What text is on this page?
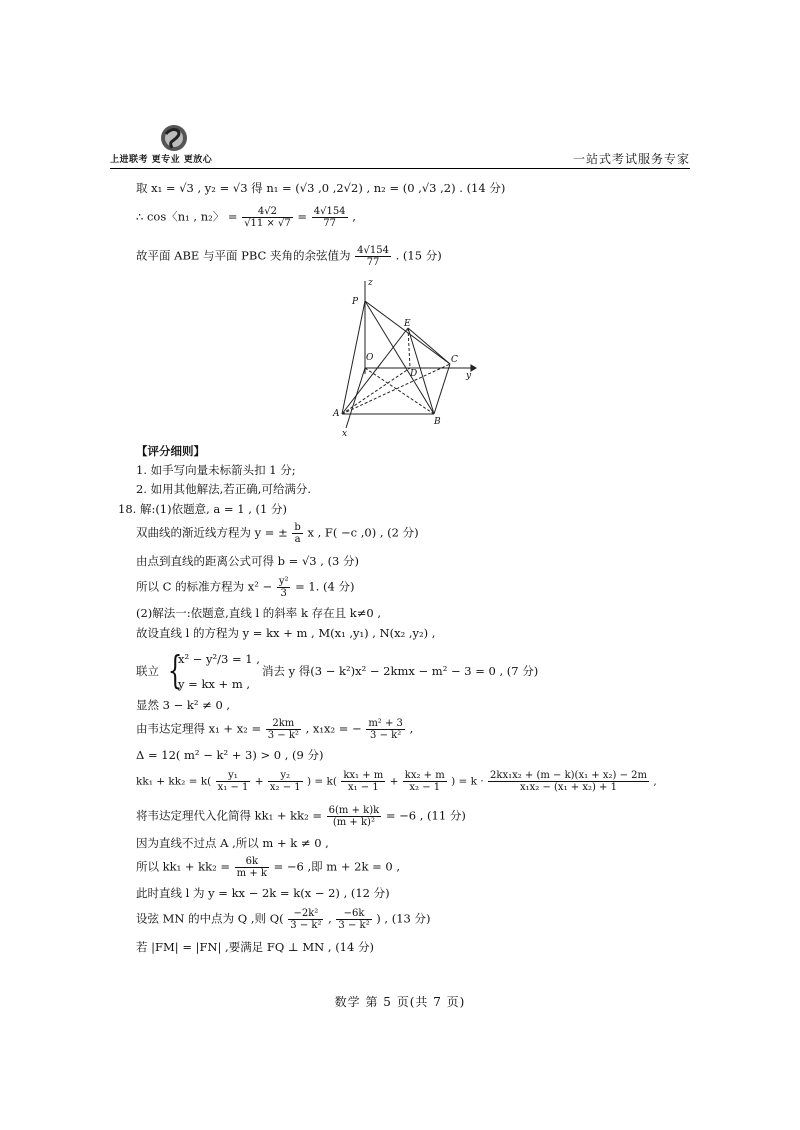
上进联考 更专业 更放心	一站式考试服务专家
取 x₁ = √3 , y₂ = √3 得 n₁ = (√3 ,0 ,2√2) , n₂ = (0 ,√3 ,2) . (14 分)
∴ cos〈n₁ , n₂〉 = $\frac{4√2}{√11 \times √7} = \frac{4√154}{77}$ ,
故平面 ABE 与平面 PBC 夹角的余弦值为 $\frac{4√154}{77}$ . (15 分)
P
E
O
D
C
A
B
x
y
z
【评分细则】
1. 如手写向量未标箭头扣 1 分;
2. 如用其他解法,若正确,可给满分.
18. 解:(1)依题意, a = 1 , (1 分)
双曲线的渐近线方程为 y = ± $\frac{b}{a}$ x , F( −c ,0) , (2 分)
由点到直线的距离公式可得 b = √3 , (3 分)
所以 C 的标准方程为 $x^2 - \frac{\text{y²}}{3} = 1$. (4 分)
(2)解法一:依题意,直线 l 的斜率 k 存在且 k≠0 ,
故设直线 l 的方程为 y = kx + m , M(x₁ ,y₁) , N(x₂ ,y₂) ,
联立 {
x² − y²/3 = 1 ,
消去 y 得(3 − k²)x² − 2kmx − m² − 3 = 0 , (7 分)
y = kx + m ,
显然 3 − k² ≠ 0 ,
由韦达定理得 $x_1 + x_2 = \frac{2km}{\text{3 − k²}}$ , x₁x₂ = − $\frac{\text{m² + 3}}{\text{3 − k²}}$ ,
Δ = 12( m² − k² + 3) > 0 , (9 分)
$kk_1 + kk_2 = k( \frac{\text{y₁}}{\text{x₁ − 1}} + \frac{\text{y₂}}{\text{x₂ − 1}}$ ) = $k( \frac{\text{kx₁ + m}}{\text{x₁ − 1}} + \frac{\text{kx₂ + m}}{\text{x₂ − 1}}$ ) = $k \cdot \frac{\text{2kx₁x₂ + (m − k)(x₁ + x₂) − 2m}}{\text{x₁x₂ − (x₁ + x₂) + 1}}$ ,
将韦达定理代入化简得 $kk_1 + kk_2 = \frac{6(m + k)k}{\text{(m + k)²}} = -6$ , (11 分)
因为直线不过点 A ,所以 m + k ≠ 0 ,
所以 $kk_1 + kk_2 = \frac{6k}{m + k} = -6$ ,即 m + 2k = 0 ,
此时直线 l 为 y = kx − 2k = k(x − 2) , (12 分)
设弦 MN 的中点为 Q ,则 $Q( \frac{\text{−2k²}}{\text{3 − k²}}$ , $\frac{-6k}{\text{3 − k²}}$ ) , (13 分)
若 |FM| = |FN| ,要满足 FQ ⊥ MN , (14 分)
数学 第 5 页(共 7 页)
